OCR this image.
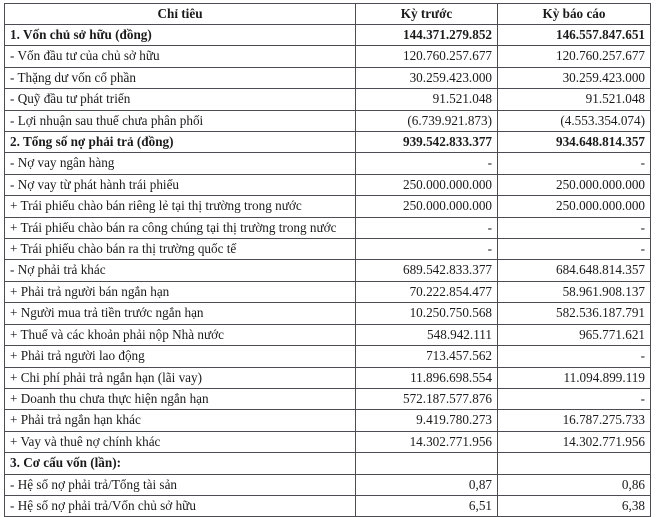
Chỉ tiêu	Kỳ trước	Kỳ báo cáo
1. Vốn chủ sở hữu (đồng)	144.371.279.852	146.557.847.651
- Vốn đầu tư của chủ sở hữu	120.760.257.677	120.760.257.677
- Thặng dư vốn cổ phần	30.259.423.000	30.259.423.000
- Quỹ đầu tư phát triển	91.521.048	91.521.048
- Lợi nhuận sau thuế chưa phân phối	(6.739.921.873)	(4.553.354.074)
2. Tổng số nợ phải trả (đồng)	939.542.833.377	934.648.814.357
- Nợ vay ngân hàng	-	-
- Nợ vay từ phát hành trái phiếu	250.000.000.000	250.000.000.000
+ Trái phiếu chào bán riêng lẻ tại thị trường trong nước	250.000.000.000	250.000.000.000
+ Trái phiếu chào bán ra công chúng tại thị trường trong nước	-	-
+ Trái phiếu chào bán ra thị trường quốc tế	-	-
- Nợ phải trả khác	689.542.833.377	684.648.814.357
+ Phải trả người bán ngắn hạn	70.222.854.477	58.961.908.137
+ Người mua trả tiền trước ngắn hạn	10.250.750.568	582.536.187.791
+ Thuế và các khoản phải nộp Nhà nước	548.942.111	965.771.621
+ Phải trả người lao động	713.457.562	-
+ Chi phí phải trả ngắn hạn (lãi vay)	11.896.698.554	11.094.899.119
+ Doanh thu chưa thực hiện ngắn hạn	572.187.577.876	-
+ Phải trả ngắn hạn khác	9.419.780.273	16.787.275.733
+ Vay và thuê nợ chính khác	14.302.771.956	14.302.771.956
3. Cơ cấu vốn (lần):		
- Hệ số nợ phải trả/Tổng tài sản	0,87	0,86
- Hệ số nợ phải trả/Vốn chủ sở hữu	6,51	6,38
